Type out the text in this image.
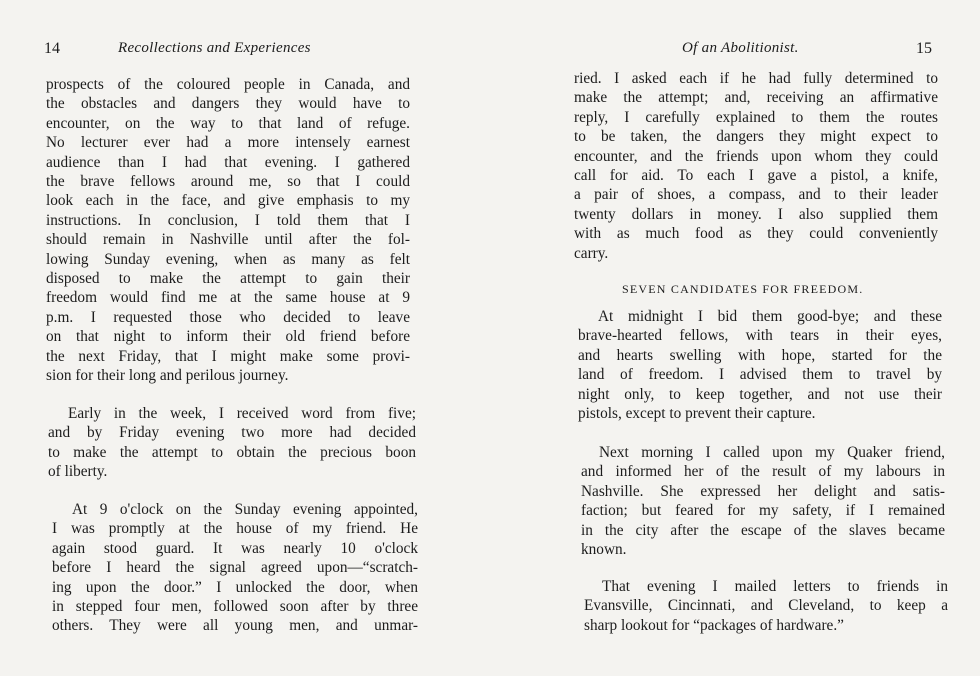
14	Recollections and Experiences

prospects of the coloured people in Canada, and
the obstacles and dangers they would have to
encounter, on the way to that land of refuge.
No lecturer ever had a more intensely earnest
audience than I had that evening. I gathered
the brave fellows around me, so that I could
look each in the face, and give emphasis to my
instructions. In conclusion, I told them that I
should remain in Nashville until after the fol-
lowing Sunday evening, when as many as felt
disposed to make the attempt to gain their
freedom would find me at the same house at 9
p.m. I requested those who decided to leave
on that night to inform their old friend before
the next Friday, that I might make some provi-
sion for their long and perilous journey.

Early in the week, I received word from five;
and by Friday evening two more had decided
to make the attempt to obtain the precious boon
of liberty.

At 9 o'clock on the Sunday evening appointed,
I was promptly at the house of my friend. He
again stood guard. It was nearly 10 o'clock
before I heard the signal agreed upon—“scratch-
ing upon the door.” I unlocked the door, when
in stepped four men, followed soon after by three
others. They were all young men, and unmar-

Of an Abolitionist.	15

ried. I asked each if he had fully determined to
make the attempt; and, receiving an affirmative
reply, I carefully explained to them the routes
to be taken, the dangers they might expect to
encounter, and the friends upon whom they could
call for aid. To each I gave a pistol, a knife,
a pair of shoes, a compass, and to their leader
twenty dollars in money. I also supplied them
with as much food as they could conveniently
carry.

SEVEN CANDIDATES FOR FREEDOM.

At midnight I bid them good-bye; and these
brave-hearted fellows, with tears in their eyes,
and hearts swelling with hope, started for the
land of freedom. I advised them to travel by
night only, to keep together, and not use their
pistols, except to prevent their capture.

Next morning I called upon my Quaker friend,
and informed her of the result of my labours in
Nashville. She expressed her delight and satis-
faction; but feared for my safety, if I remained
in the city after the escape of the slaves became
known.

That evening I mailed letters to friends in
Evansville, Cincinnati, and Cleveland, to keep a
sharp lookout for “packages of hardware.”
